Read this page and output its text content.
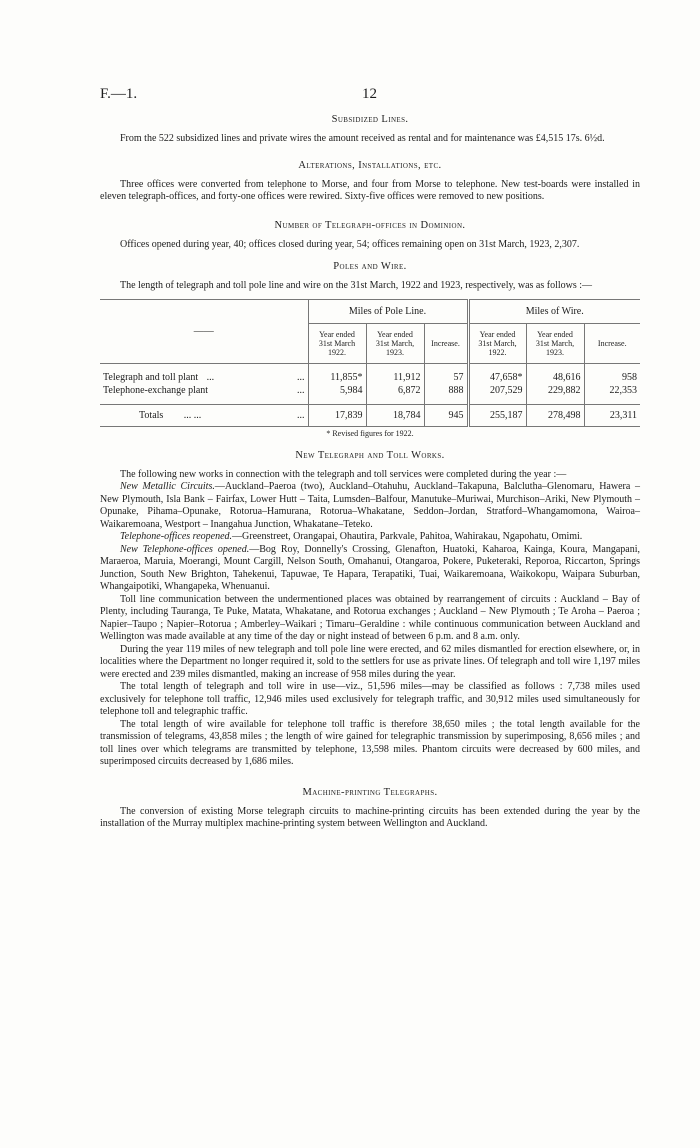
F.—1.	12
Subsidized Lines.

From the 522 subsidized lines and private wires the amount received as rental and for maintenance was £4,515 17s. 6½d.

Alterations, Installations, etc.

Three offices were converted from telephone to Morse, and four from Morse to telephone. New test-boards were installed in eleven telegraph-offices, and forty-one offices were rewired. Sixty-five offices were removed to new positions.

Number of Telegraph-offices in Dominion.

Offices opened during year, 40; offices closed during year, 54; offices remaining open on 31st March, 1923, 2,307.

Poles and Wire.

The length of telegraph and toll pole line and wire on the 31st March, 1922 and 1923, respectively, was as follows :—

——	Miles of Pole Line.			Miles of Wire.		
	Year ended 31st March 1922.	Year ended 31st March, 1923.	Increase.	Year ended 31st March, 1922.	Year ended 31st March, 1923.	Increase.
Telegraph and toll plant ... ...	11,855*	11,912	57	47,658*	48,616	958
Telephone-exchange plant ...	5,984	6,872	888	207,529	229,882	22,353
Totals ... ... ...	17,839	18,784	945	255,187	278,498	23,311
* Revised figures for 1922.
New Telegraph and Toll Works.

The following new works in connection with the telegraph and toll services were completed during the year :—

New Metallic Circuits.—Auckland–Paeroa (two), Auckland–Otahuhu, Auckland–Takapuna, Balclutha–Glenomaru, Hawera – New Plymouth, Isla Bank – Fairfax, Lower Hutt – Taita, Lumsden–Balfour, Manutuke–Muriwai, Murchison–Ariki, New Plymouth – Opunake, Pihama–Opunake, Rotorua–Hamurana, Rotorua–Whakatane, Seddon–Jordan, Stratford–Whangamomona, Wairoa–Waikaremoana, Westport – Inangahua Junction, Whakatane–Teteko.

Telephone-offices reopened.—Greenstreet, Orangapai, Ohautira, Parkvale, Pahitoa, Wahirakau, Ngapohatu, Omimi.

New Telephone-offices opened.—Bog Roy, Donnelly's Crossing, Glenafton, Huatoki, Kaharoa, Kainga, Koura, Mangapani, Maraeroa, Maruia, Moerangi, Mount Cargill, Nelson South, Omahanui, Otangaroa, Pokere, Puketeraki, Reporoa, Riccarton, Springs Junction, South New Brighton, Tahekenui, Tapuwae, Te Hapara, Terapatiki, Tuai, Waikaremoana, Waikokopu, Waipara Suburban, Whangaipotiki, Whangapeka, Whenuanui.

Toll line communication between the undermentioned places was obtained by rearrangement of circuits : Auckland – Bay of Plenty, including Tauranga, Te Puke, Matata, Whakatane, and Rotorua exchanges ; Auckland – New Plymouth ; Te Aroha – Paeroa ; Napier–Taupo ; Napier–Rotorua ; Amberley–Waikari ; Timaru–Geraldine : while continuous communication between Auckland and Wellington was made available at any time of the day or night instead of between 6 p.m. and 8 a.m. only.

During the year 119 miles of new telegraph and toll pole line were erected, and 62 miles dismantled for erection elsewhere, or, in localities where the Department no longer required it, sold to the settlers for use as private lines. Of telegraph and toll wire 1,197 miles were erected and 239 miles dismantled, making an increase of 958 miles during the year.

The total length of telegraph and toll wire in use—viz., 51,596 miles—may be classified as follows : 7,738 miles used exclusively for telephone toll traffic, 12,946 miles used exclusively for telegraph traffic, and 30,912 miles used simultaneously for telephone toll and telegraphic traffic.

The total length of wire available for telephone toll traffic is therefore 38,650 miles ; the total length available for the transmission of telegrams, 43,858 miles ; the length of wire gained for telegraphic transmission by superimposing, 8,656 miles ; and toll lines over which telegrams are transmitted by telephone, 13,598 miles. Phantom circuits were decreased by 600 miles, and superimposed circuits decreased by 1,686 miles.

Machine-printing Telegraphs.

The conversion of existing Morse telegraph circuits to machine-printing circuits has been extended during the year by the installation of the Murray multiplex machine-printing system between Wellington and Auckland.
